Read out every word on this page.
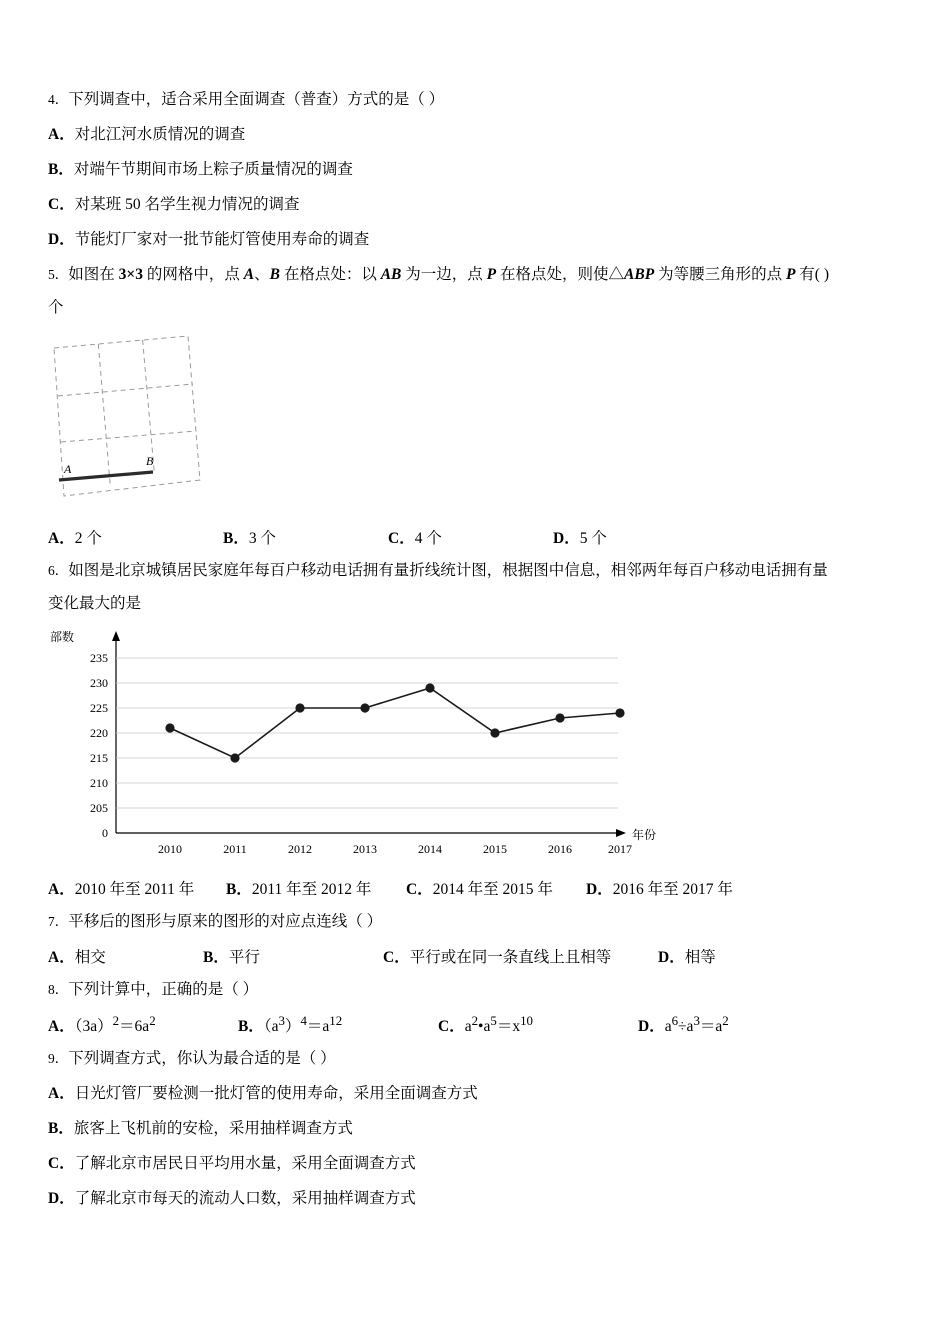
4．下列调查中，适合采用全面调查（普查）方式的是（ ）

A．对北江河水质情况的调查

B．对端午节期间市场上粽子质量情况的调查

C．对某班 50 名学生视力情况的调查

D．节能灯厂家对一批节能灯管使用寿命的调查

5．如图在 3×3 的网格中，点 A、B 在格点处：以 AB 为一边，点 P 在格点处，则使△ABP 为等腰三角形的点 P 有( )

个

A
B
A．2 个	B．3 个	C．4 个	D．5 个

6．如图是北京城镇居民家庭年每百户移动电话拥有量折线统计图，根据图中信息，相邻两年每百户移动电话拥有量

变化最大的是

部数
年份
235
230
225
220
215
210
205
0
2010	2011	2012	2013	2014	2015	2016	2017
A．2010 年至 2011 年	B．2011 年至 2012 年	C．2014 年至 2015 年	D．2016 年至 2017 年

7．平移后的图形与原来的图形的对应点连线（ ）

A．相交	B．平行	C．平行或在同一条直线上且相等	D．相等

8．下列计算中，正确的是（ ）

A．$(3a)^2=6a^2$	B．$(a^3)^4=a^{12}$	C．$a^2•a^5=x^{10}$	D．$a^6\div a^3=a^2$

9．下列调查方式，你认为最合适的是（ ）

A．日光灯管厂要检测一批灯管的使用寿命，采用全面调查方式

B．旅客上飞机前的安检，采用抽样调查方式

C．了解北京市居民日平均用水量，采用全面调查方式

D．了解北京市每天的流动人口数，采用抽样调查方式
